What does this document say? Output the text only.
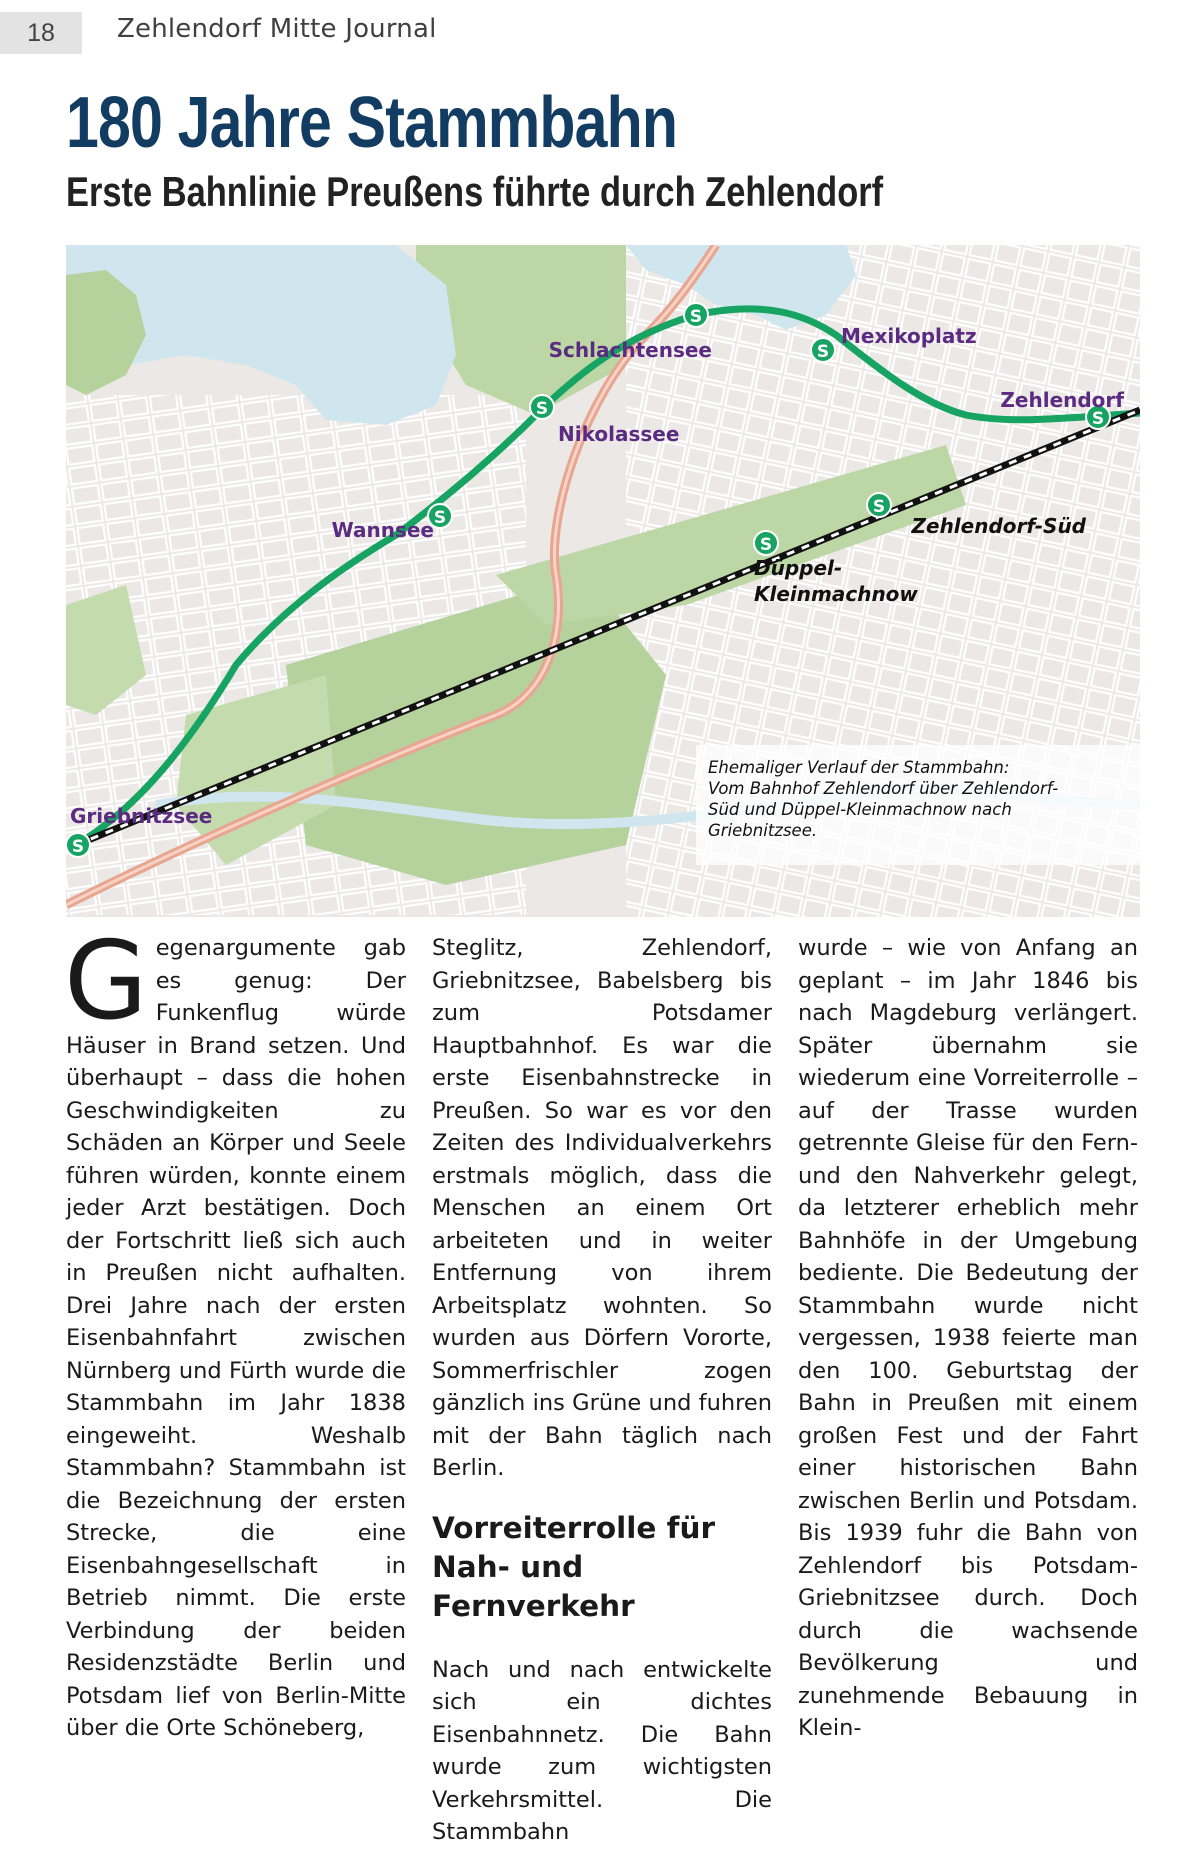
18	Zehlendorf Mitte Journal
180 Jahre Stammbahn
Erste Bahnlinie Preußens führte durch Zehlendorf
S
S
S
S
S
S
S
S
Schlachtensee
Mexikoplatz
Zehlendorf
Nikolassee
Wannsee
Griebnitzsee
Zehlendorf-Süd
Düppel-
Kleinmachnow
Ehemaliger Verlauf der Stammbahn:
Vom Bahnhof Zehlendorf über Zehlendorf-
Süd und Düppel-Kleinmachnow nach
Griebnitzsee.
G egenargumente gab es genug: Der Funkenflug würde Häuser in Brand setzen. Und überhaupt – dass die hohen Geschwindigkeiten zu Schäden an Körper und Seele führen würden, konnte einem jeder Arzt bestätigen. Doch der Fortschritt ließ sich auch in Preußen nicht aufhalten. Drei Jahre nach der ersten Eisenbahnfahrt zwischen Nürnberg und Fürth wurde die Stammbahn im Jahr 1838 eingeweiht. Weshalb Stammbahn? Stammbahn ist die Bezeichnung der ersten Strecke, die eine Eisenbahngesellschaft in Betrieb nimmt. Die erste Verbindung der beiden Residenzstädte Berlin und Potsdam lief von Berlin-Mitte über die Orte Schöneberg,

Steglitz, Zehlendorf, Griebnitzsee, Babelsberg bis zum Potsdamer Hauptbahnhof. Es war die erste Eisenbahnstrecke in Preußen. So war es vor den Zeiten des Individualverkehrs erstmals möglich, dass die Menschen an einem Ort arbeiteten und in weiter Entfernung von ihrem Arbeitsplatz wohnten. So wurden aus Dörfern Vororte, Sommerfrischler zogen gänzlich ins Grüne und fuhren mit der Bahn täglich nach Berlin.

Vorreiterrolle für Nah- und Fernverkehr

Nach und nach entwickelte sich ein dichtes Eisenbahnnetz. Die Bahn wurde zum wichtigsten Verkehrsmittel. Die Stammbahn

wurde – wie von Anfang an geplant – im Jahr 1846 bis nach Magdeburg verlängert. Später übernahm sie wiederum eine Vorreiterrolle – auf der Trasse wurden getrennte Gleise für den Fern- und den Nahverkehr gelegt, da letzterer erheblich mehr Bahnhöfe in der Umgebung bediente. Die Bedeutung der Stammbahn wurde nicht vergessen, 1938 feierte man den 100. Geburtstag der Bahn in Preußen mit einem großen Fest und der Fahrt einer historischen Bahn zwischen Berlin und Potsdam. Bis 1939 fuhr die Bahn von Zehlendorf bis Potsdam-Griebnitzsee durch. Doch durch die wachsende Bevölkerung und zunehmende Bebauung in Klein-
